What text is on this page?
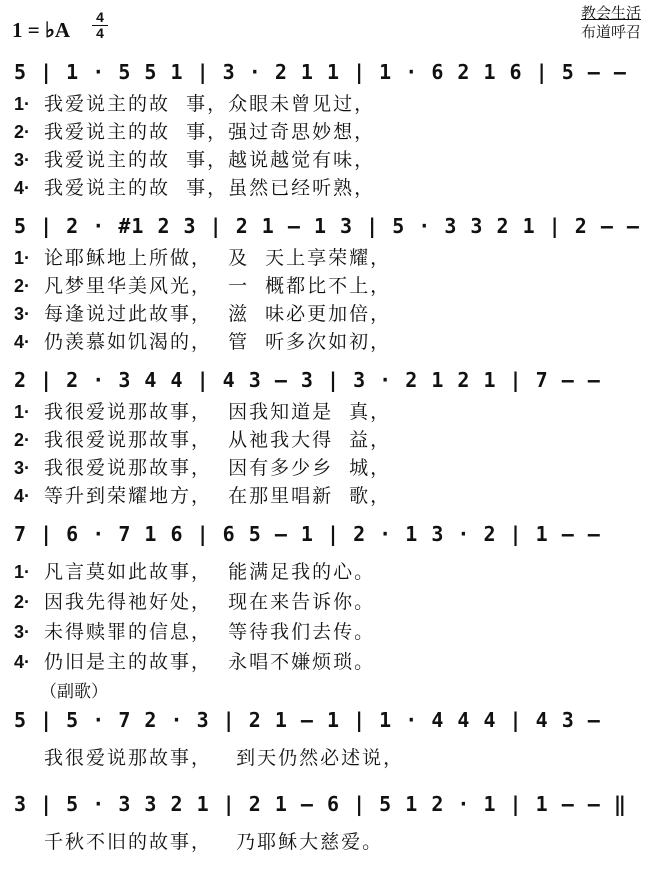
1 = ♭A
4
4
教会生活
布道呼召
5 | 1 · 5 5 1 | 3 · 2 1 1 | 1 · 6 2 1 6 | 5 – –
1· 我爱说主的故  事，众眼未曾见过，
2· 我爱说主的故  事，强过奇思妙想，
3· 我爱说主的故  事，越说越觉有味，
4· 我爱说主的故  事，虽然已经听熟，
5 | 2 · #1 2 3 | 2 1 – 1 3 | 5 · 3 3 2 1 | 2 – –
1· 论耶稣地上所做，  及  天上享荣耀，
2· 凡梦里华美风光，  一  概都比不上，
3· 每逢说过此故事，  滋  味必更加倍，
4· 仍羡慕如饥渴的，  管  听多次如初，
2 | 2 · 3 4 4 | 4 3 – 3 | 3 · 2 1 2 1 | 7 – –
1· 我很爱说那故事，  因我知道是  真，
2· 我很爱说那故事，  从祂我大得  益，
3· 我很爱说那故事，  因有多少乡  城，
4· 等升到荣耀地方，  在那里唱新  歌，
7 | 6 · 7 1 6 | 6 5 – 1 | 2 · 1 3 · 2 | 1 – –
1· 凡言莫如此故事，  能满足我的心。
2· 因我先得祂好处，  现在来告诉你。
3· 未得赎罪的信息，  等待我们去传。
4· 仍旧是主的故事，  永唱不嫌烦琐。
（副歌）
5 | 5 · 7 2 · 3 | 2 1 – 1 | 1 · 4 4 4 | 4 3 –
我很爱说那故事，   到天仍然必述说，
3 | 5 · 3 3 2 1 | 2 1 – 6 | 5 1 2 · 1 | 1 – – ‖
千秋不旧的故事，   乃耶稣大慈爱。
